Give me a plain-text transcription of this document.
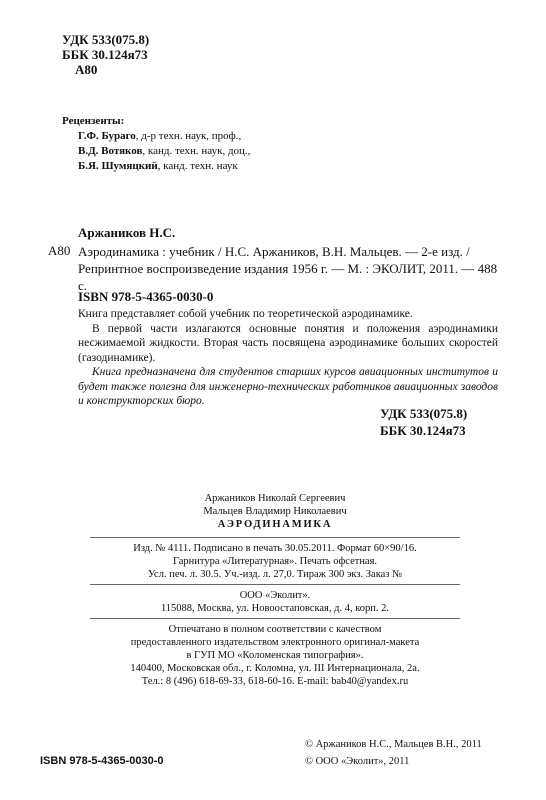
УДК 533(075.8)
ББК 30.124я73
А80
Рецензенты:
Г.Ф. Бураго, д-р техн. наук, проф.,
В.Д. Вотяков, канд. техн. наук, доц.,
Б.Я. Шумяцкий, канд. техн. наук
Аржаников Н.С.
А80 Аэродинамика : учебник / Н.С. Аржаников, В.Н. Мальцев. — 2-е изд. / Репринтное воспроизведение издания 1956 г. — М. : ЭКОЛИТ, 2011. — 488 с.
ISBN 978-5-4365-0030-0

Книга представляет собой учебник по теоретической аэродинамике.

В первой части излагаются основные понятия и положения аэродинамики несжимаемой жидкости. Вторая часть посвящена аэродинамике больших скоростей (газодинамике).

Книга предназначена для студентов старших курсов авиационных институтов и будет также полезна для инженерно-технических работников авиационных заводов и конструкторских бюро.

УДК 533(075.8)
ББК 30.124я73
Аржаников Николай Сергеевич
Мальцев Владимир Николаевич
АЭРОДИНАМИКА
Изд. № 4111. Подписано в печать 30.05.2011. Формат 60×90/16.
Гарнитура «Литературная». Печать офсетная.
Усл. печ. л. 30.5. Уч.-изд. л. 27,0. Тираж 300 экз. Заказ №
ООО «Эколит».
115088, Москва, ул. Новоостаповская, д. 4, корп. 2.
Отпечатано в полном соответствии с качеством
предоставленного издательством электронного оригинал-макета
в ГУП МО «Коломенская типография».
140400, Московская обл., г. Коломна, ул. III Интернационала, 2а.
Тел.: 8 (496) 618-69-33, 618-60-16. E-mail: bab40@yandex.ru
ISBN 978-5-4365-0030-0
© Аржаников Н.С., Мальцев В.Н., 2011
© ООО «Эколит», 2011
